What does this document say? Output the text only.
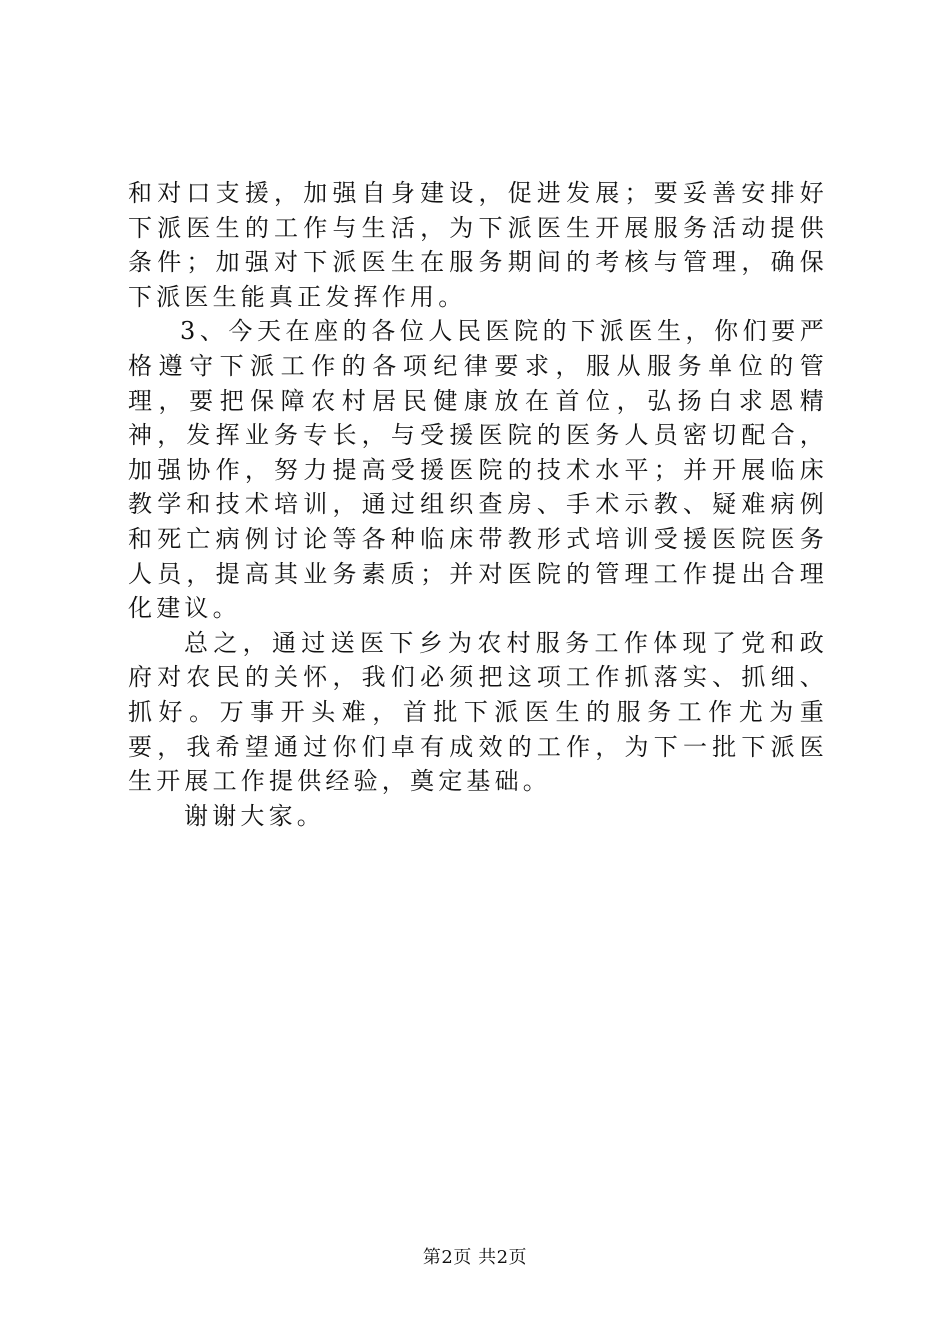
和对口支援，加强自身建设，促进发展；要妥善安排好下派医生的工作与生活，为下派医生开展服务活动提供条件；加强对下派医生在服务期间的考核与管理，确保下派医生能真正发挥作用。

3、今天在座的各位人民医院的下派医生，你们要严格遵守下派工作的各项纪律要求，服从服务单位的管理，要把保障农村居民健康放在首位，弘扬白求恩精神，发挥业务专长，与受援医院的医务人员密切配合，加强协作，努力提高受援医院的技术水平；并开展临床教学和技术培训，通过组织查房、手术示教、疑难病例和死亡病例讨论等各种临床带教形式培训受援医院医务人员，提高其业务素质；并对医院的管理工作提出合理化建议。

总之，通过送医下乡为农村服务工作体现了党和政府对农民的关怀，我们必须把这项工作抓落实、抓细、抓好。万事开头难，首批下派医生的服务工作尤为重要，我希望通过你们卓有成效的工作，为下一批下派医生开展工作提供经验，奠定基础。

谢谢大家。

第2页 共2页
